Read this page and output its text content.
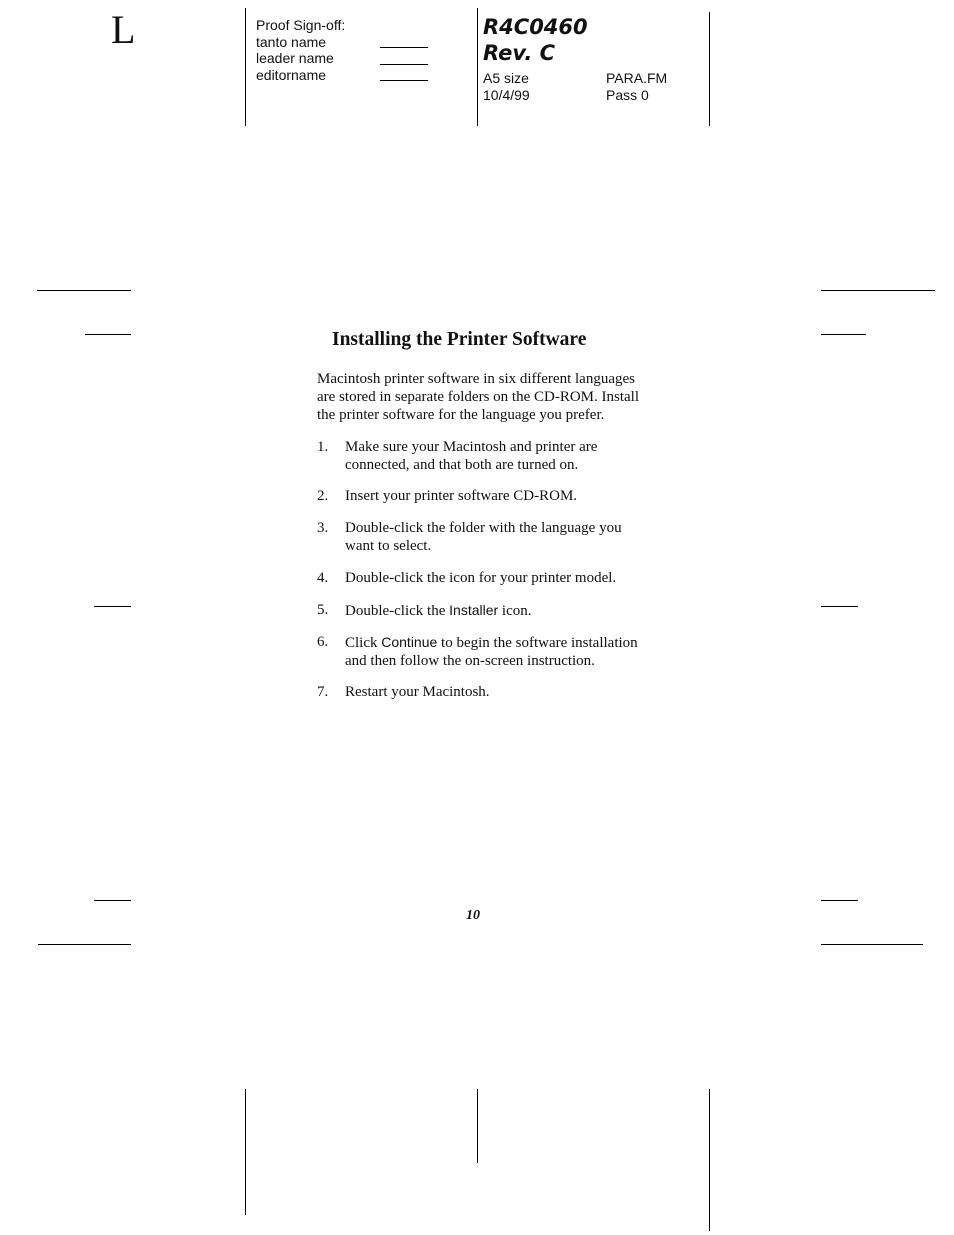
L	Proof Sign-off:
tanto name
leader name
editorname
R4C0460
Rev. C
A5 size
10/4/99
PARA.FM
Pass 0
Installing the Printer Software
Macintosh printer software in six different languages
are stored in separate folders on the CD-ROM. Install
the printer software for the language you prefer.
1. Make sure your Macintosh and printer are
connected, and that both are turned on.
2. Insert your printer software CD-ROM.
3. Double-click the folder with the language you
want to select.
4. Double-click the icon for your printer model.
5. Double-click the Installer icon.
6. Click Continue to begin the software installation
and then follow the on-screen instruction.
7. Restart your Macintosh.
10
